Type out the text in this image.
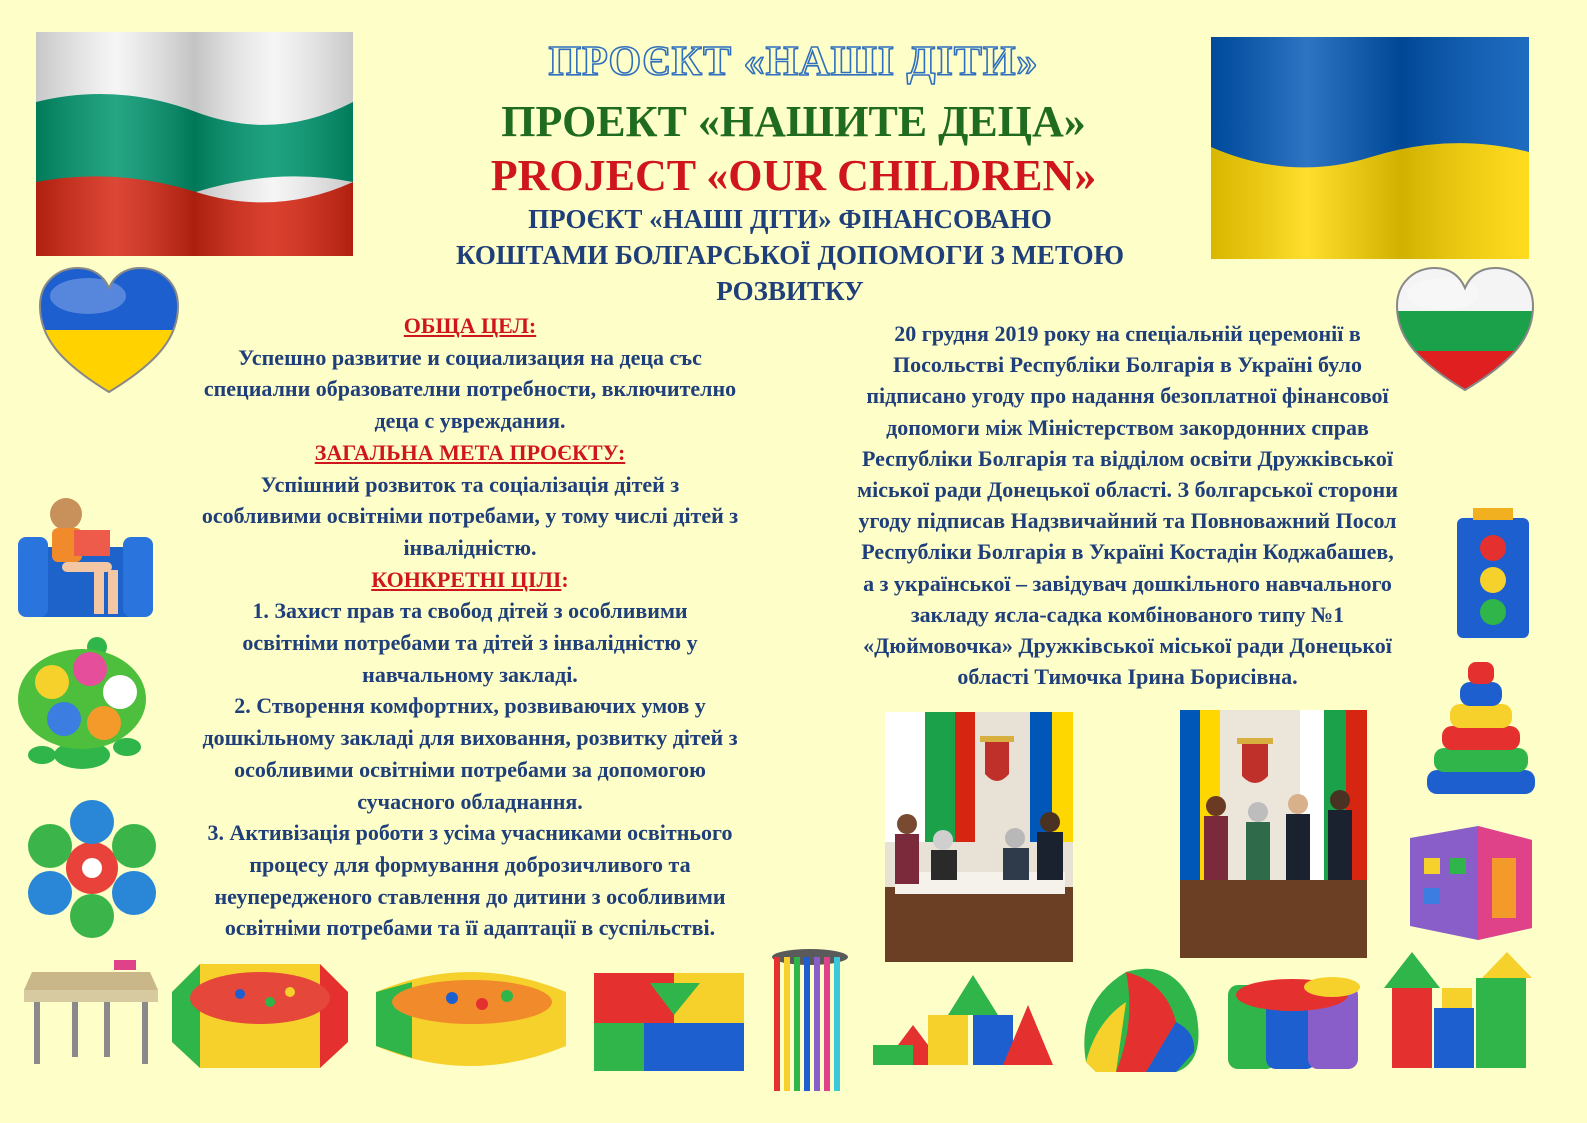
ПРОЄКТ «НАШІ ДІТИ»
ПРОЕКТ «НАШИТЕ ДЕЦА»
PROJECT «OUR CHILDREN»
ПРОЄКТ «НАШІ ДІТИ» ФІНАНСОВАНО
КОШТАМИ БОЛГАРСЬКОЇ ДОПОМОГИ З МЕТОЮ
РОЗВИТКУ
ОБЩА ЦЕЛ:
Успешно развитие и социализация на деца със
специални образователни потребности, включително
деца с увреждания.
ЗАГАЛЬНА МЕТА ПРОЄКТУ:
Успішний розвиток та соціалізація дітей з
особливими освітніми потребами, у тому числі дітей з
інвалідністю.
КОНКРЕТНІ ЦІЛІ:
1. Захист прав та свобод дітей з особливими
освітніми потребами та дітей з інвалідністю у
навчальному закладі.
2. Створення комфортних, розвиваючих умов у
дошкільному закладі для виховання, розвитку дітей з
особливими освітніми потребами за допомогою
сучасного обладнання.
3. Активізація роботи з усіма учасниками освітнього
процесу для формування доброзичливого та
неупередженого ставлення до дитини з особливими
освітніми потребами та її адаптації в суспільстві.
20 грудня 2019 року на спеціальній церемонії в
Посольстві Республіки Болгарія в Україні було
підписано угоду про надання безоплатної фінансової
допомоги між Міністерством закордонних справ
Республіки Болгарія та відділом освіти Дружківської
міської ради Донецької області. З болгарської сторони
угоду підписав Надзвичайний та Повноважний Посол
Республіки Болгарія в Україні Костадін Коджабашев,
а з української – завідувач дошкільного навчального
закладу ясла-садка комбінованого типу №1
«Дюймовочка» Дружківської міської ради Донецької
області Тимочка Ірина Борисівна.
